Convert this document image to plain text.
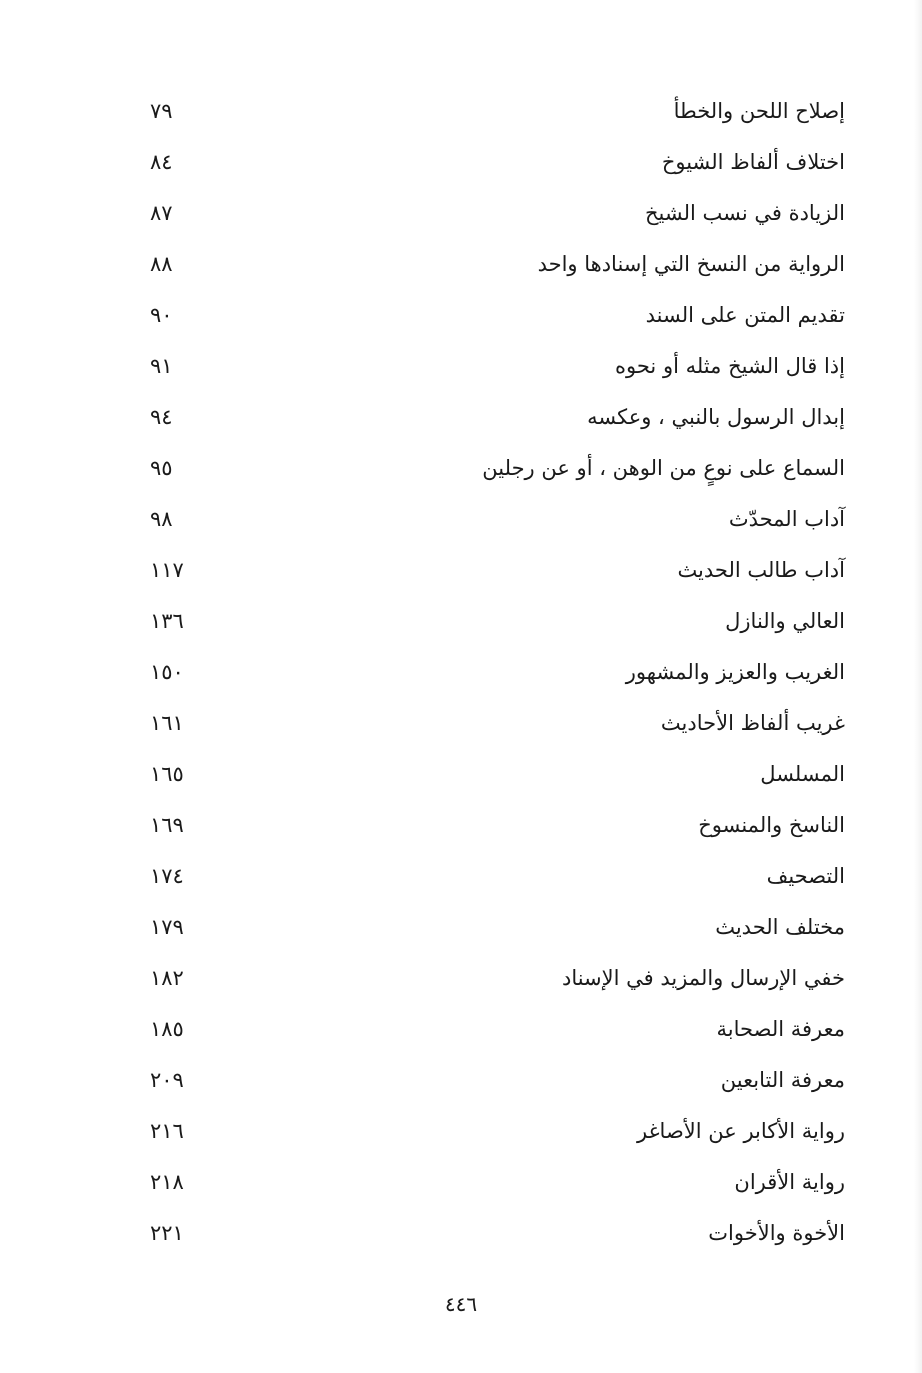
إصلاح اللحن والخطأ
٧٩
اختلاف ألفاظ الشيوخ
٨٤
الزيادة في نسب الشيخ
٨٧
الرواية من النسخ التي إسنادها واحد
٨٨
تقديم المتن على السند
٩٠
إذا قال الشيخ مثله أو نحوه
٩١
إبدال الرسول بالنبي ، وعكسه
٩٤
السماع على نوعٍ من الوهن ، أو عن رجلين
٩٥
آداب المحدّث
٩٨
آداب طالب الحديث
١١٧
العالي والنازل
١٣٦
الغريب والعزيز والمشهور
١٥٠
غريب ألفاظ الأحاديث
١٦١
المسلسل
١٦٥
الناسخ والمنسوخ
١٦٩
التصحيف
١٧٤
مختلف الحديث
١٧٩
خفي الإرسال والمزيد في الإسناد
١٨٢
معرفة الصحابة
١٨٥
معرفة التابعين
٢٠٩
رواية الأكابر عن الأصاغر
٢١٦
رواية الأقران
٢١٨
الأخوة والأخوات
٢٢١
٤٤٦
